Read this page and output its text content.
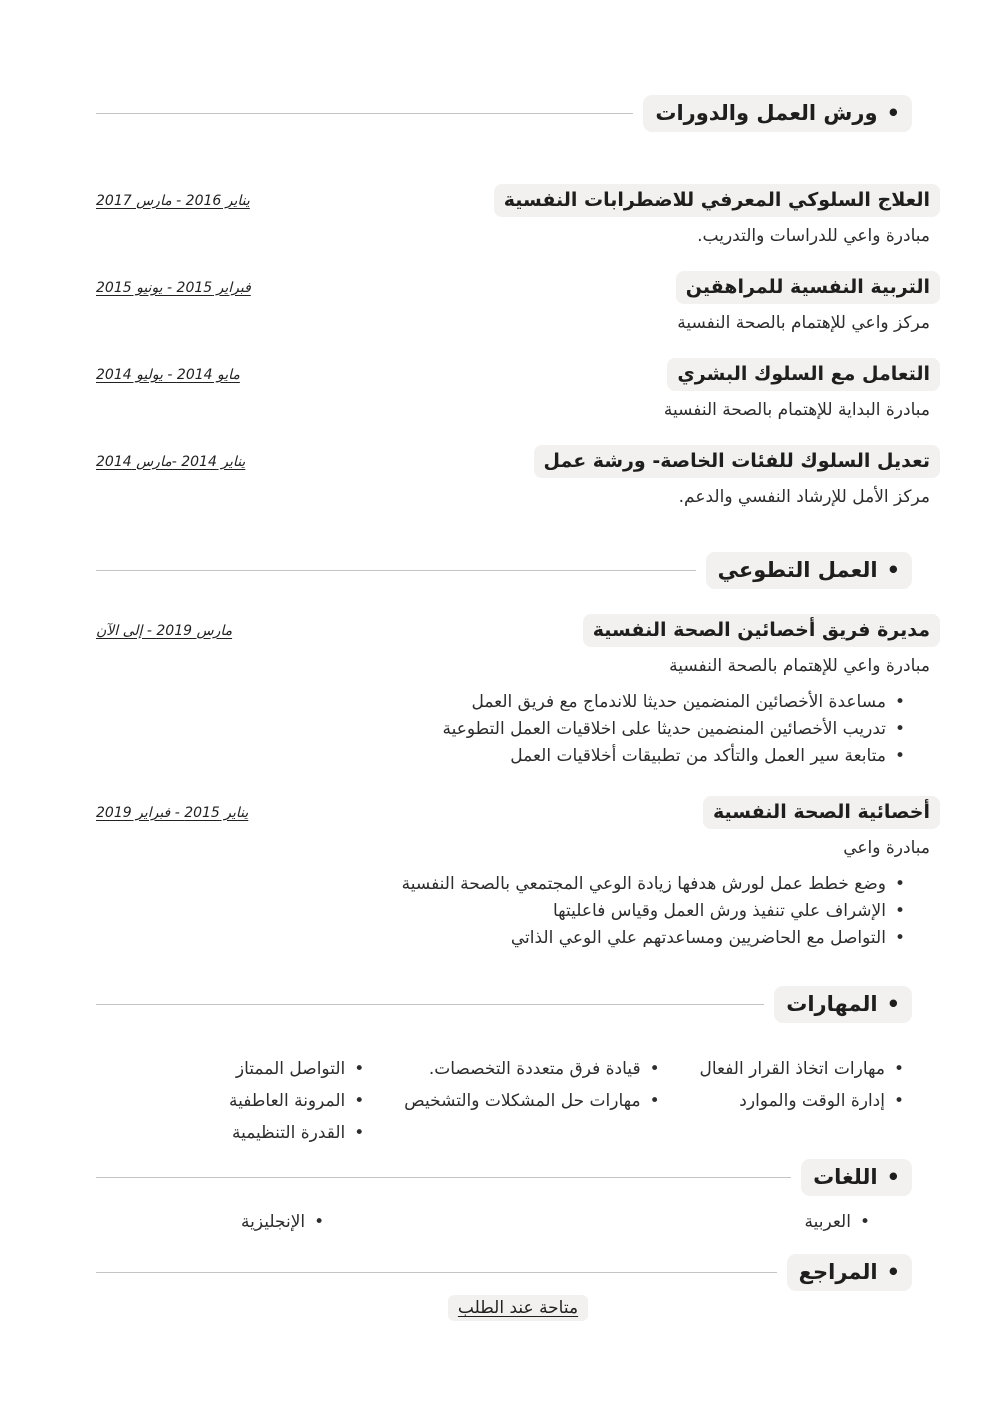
•
ورش العمل والدورات
العلاج السلوكي المعرفي للاضطرابات النفسية
يناير 2016 - مارس 2017
مبادرة واعي للدراسات والتدريب.
التربية النفسية للمراهقين
فبراير 2015 - يونيو 2015
مركز واعي للإهتمام بالصحة النفسية
التعامل مع السلوك البشري
مايو 2014 - يوليو 2014
مبادرة البداية للإهتمام بالصحة النفسية
تعديل السلوك للفئات الخاصة- ورشة عمل
يناير 2014 -مارس 2014
مركز الأمل للإرشاد النفسي والدعم.
•
العمل التطوعي
مديرة فريق أخصائين الصحة النفسية
مارس 2019 - إلى الآن
مبادرة واعي للإهتمام بالصحة النفسية
•
مساعدة الأخصائين المنضمين حديثا للاندماج مع فريق العمل
•
تدريب الأخصائين المنضمين حديثا على اخلاقيات العمل التطوعية
•
متابعة سير العمل والتأكد من تطبيقات أخلاقيات العمل
أخصائية الصحة النفسية
يناير 2015 - فبراير 2019
مبادرة واعي
•
وضع خطط عمل لورش هدفها زيادة الوعي المجتمعي بالصحة النفسية
•
الإشراف علي تنفيذ ورش العمل وقياس فاعليتها
•
التواصل مع الحاضريين ومساعدتهم علي الوعي الذاتي
•
المهارات
•
مهارات اتخاذ القرار الفعال
•
إدارة الوقت والموارد
•
قيادة فرق متعددة التخصصات.
•
مهارات حل المشكلات والتشخيص
•
التواصل الممتاز
•
المرونة العاطفية
•
القدرة التنظيمية
•
اللغات
•
العربية
•
الإنجليزية
•
المراجع
متاحة عند الطلب
